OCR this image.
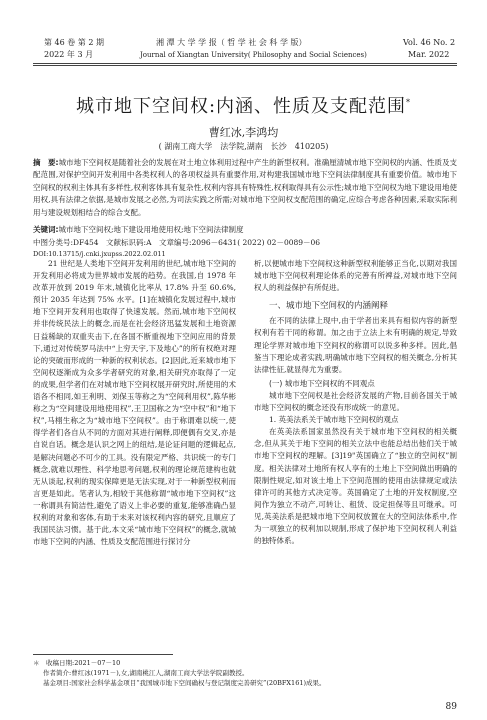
第 46 卷 第 2 期
2022 年 3 月
湘 潭 大 学 学 报（ 哲 学 社 会 科 学 版）
Journal of Xiangtan University( Philosophy and Social Sciences)
Vol. 46 No. 2
Mar. 2022
城市地下空间权:内涵、性质及支配范围*
曹红冰,李鸿均
( 湖南工商大学　法学院,湖南　长沙　410205)
摘　要:城市地下空间权是随着社会的发展在对土地立体利用过程中产生的新型权利。准确厘清城市地下空间权的内涵、性质及支配范围,对保护空间开发利用中各类权利人的各项权益具有重要作用,对构建我国城市地下空间法律制度具有重要价值。城市地下空间权的权利主体具有多样性,权利客体具有复杂性,权利内容具有特殊性,权利取得具有公示性;城市地下空间权为地下建设用地使用权,具有法律之依据,是城市发展之必然,为司法实践之所需;对城市地下空间权支配范围的确定,应综合考虑各种因素,采取实际利用与建设规划相结合的综合支配。
关键词:城市地下空间权;地下建设用地使用权;地下空间法律制度
中图分类号:DF454　文献标识码:A　文章编号:2096－6431( 2022) 02－0089－06
DOI:10.13715/j.cnki.jxupss.2022.02.011

21 世纪是人类地下空间开发利用的世纪,城市地下空间的开发利用必将成为世界城市发展的趋势。在我国,自 1978 年改革开放到 2019 年末,城镇化比率从 17.8% 升至 60.6%,预计 2035 年达到 75% 水平。[1]在城镇化发展过程中,城市地下空间开发利用也取得了快速发展。然而,城市地下空间权并非传统民法上的概念,而是在社会经济迅猛发展和土地资源日益稀缺的双重夹击下,在各国不断重视地下空间应用的背景下,通过对传统罗马法中“上穷天宇,下及地心”的所有权绝对理论的突破而形成的一种新的权利状态。[2]因此,近来城市地下空间权逐渐成为众多学者研究的对象,相关研究亦取得了一定的成果,但学者们在对城市地下空间权展开研究时,所使用的术语各不相同,如王利明、刘保玉等称之为“空间利用权”,陈华彬称之为“空间建设用地使用权”,王卫国称之为“空中权”和“地下权”,马栩生称之为“城市地下空间权”。由于称谓难以统一,使得学者们各自从不同的方面对其进行阐释,即便偶有交叉,亦是自说自话。概念是认识之网上的纽结,是论证问题的逻辑起点,是解决问题必不可少的工具。没有限定严格、共识统一的专门概念,就难以理性、科学地思考问题,权利的理论规范建构也就无从谈起,权利的现实保障更是无法实现,对于一种新型权利而言更是如此。笔者认为,相较于其他称谓“城市地下空间权”这一称谓具有简洁性,避免了语义上非必要的重复,能够准确凸显权利的对象和客体,有助于未来对该权利内容的研究,且顺应了我国民法习惯。基于此,本文采“城市地下空间权”的概念,就城市地下空间的内涵、性质及支配范围进行探讨分

析,以便城市地下空间权这种新型权利能够正当化,以期对我国城市地下空间权利理论体系的完善有所裨益,对城市地下空间权人的利益保护有所促进。

一、城市地下空间权的内涵阐释

在不同的法律上现中,由于学者出来具有相似内容的新型权利有若干同的称谓。加之由于立法上未有明确的规定,导致理论学界对城市地下空间权的称谓可以说多种多样。因此,倡鉴当下理论成者实践,明确城市地下空间权的相关概念,分析其法律性征,就显得尤为重要。

(一) 城市地下空间权的不同观点

城市地下空间权是社会经济发展的产物,目前各国关于城市地下空间权的概念还没有形成统一的意见。

1. 英美法系关于城市地下空间权的观点

在英美法系国家虽然没有关于城市地下空间权的相关概念,但从其关于地下空间的相关立法中也能总结出他们关于城市地下空间权的理解。[3]19"英国确立了“独立的空间权”制度。相关法律对土地所有权人享有的土地上下空间做出明确的限制性规定,如对该土地上下空间范围的使用由法律规定或法律许可的其他方式决定等。英国确定了土地的开发权制度,空间作为独立不动产,可转让、租赁、设定担保等且可继承。可见,英美法系是把城市地下空间权放置在大的空间法体系中,作为一项独立的权利加以规制,形成了保护地下空间权利人利益的独特体系。

＊　收稿日期:2021－07－10
作者简介:曹红冰(1971－),女,湖南桃江人,湖南工商大学法学院副教授。
基金项目:国家社会科学基金项目“我国城市地下空间确权与登记制度完善研究”(20BFX161)成果。
89
